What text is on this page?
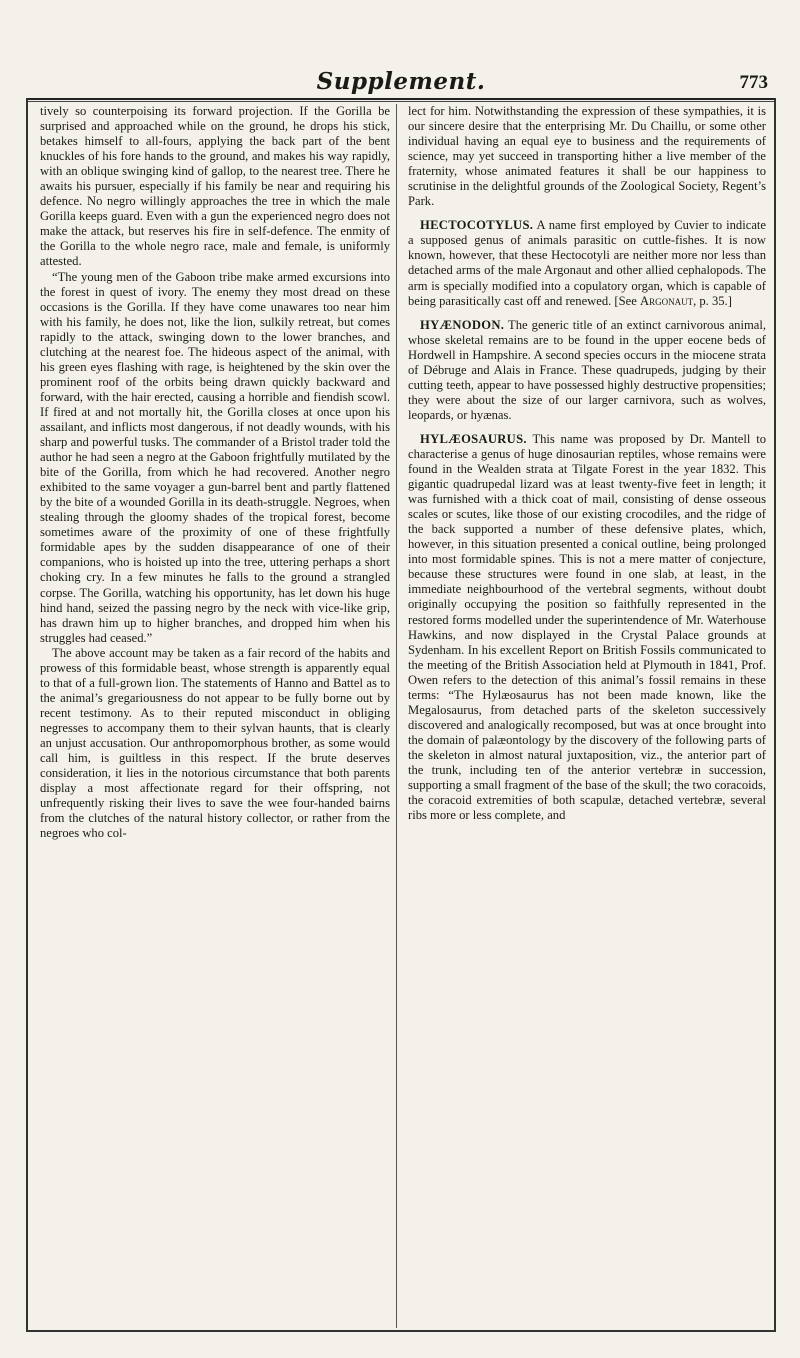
Supplement.	773

tively so counterpoising its forward projection. If the Gorilla be surprised and approached while on the ground, he drops his stick, betakes himself to all-fours, applying the back part of the bent knuckles of his fore hands to the ground, and makes his way rapidly, with an oblique swinging kind of gallop, to the nearest tree. There he awaits his pursuer, especially if his family be near and requiring his defence. No negro willingly approaches the tree in which the male Gorilla keeps guard. Even with a gun the experienced negro does not make the attack, but reserves his fire in self-defence. The enmity of the Gorilla to the whole negro race, male and female, is uniformly attested.

“The young men of the Gaboon tribe make armed excursions into the forest in quest of ivory. The enemy they most dread on these occasions is the Gorilla. If they have come unawares too near him with his family, he does not, like the lion, sulkily retreat, but comes rapidly to the attack, swinging down to the lower branches, and clutching at the nearest foe. The hideous aspect of the animal, with his green eyes flashing with rage, is heightened by the skin over the prominent roof of the orbits being drawn quickly backward and forward, with the hair erected, causing a horrible and fiendish scowl. If fired at and not mortally hit, the Gorilla closes at once upon his assailant, and inflicts most dangerous, if not deadly wounds, with his sharp and powerful tusks. The commander of a Bristol trader told the author he had seen a negro at the Gaboon frightfully mutilated by the bite of the Gorilla, from which he had recovered. Another negro exhibited to the same voyager a gun-barrel bent and partly flattened by the bite of a wounded Gorilla in its death-struggle. Negroes, when stealing through the gloomy shades of the tropical forest, become sometimes aware of the proximity of one of these frightfully formidable apes by the sudden disappearance of one of their companions, who is hoisted up into the tree, uttering perhaps a short choking cry. In a few minutes he falls to the ground a strangled corpse. The Gorilla, watching his opportunity, has let down his huge hind hand, seized the passing negro by the neck with vice-like grip, has drawn him up to higher branches, and dropped him when his struggles had ceased.”

The above account may be taken as a fair record of the habits and prowess of this formidable beast, whose strength is apparently equal to that of a full-grown lion. The statements of Hanno and Battel as to the animal’s gregariousness do not appear to be fully borne out by recent testimony. As to their reputed misconduct in obliging negresses to accompany them to their sylvan haunts, that is clearly an unjust accusation. Our anthropomorphous brother, as some would call him, is guiltless in this respect. If the brute deserves consideration, it lies in the notorious circumstance that both parents display a most affectionate regard for their offspring, not unfrequently risking their lives to save the wee four-handed bairns from the clutches of the natural history collector, or rather from the negroes who col-

lect for him. Notwithstanding the expression of these sympathies, it is our sincere desire that the enterprising Mr. Du Chaillu, or some other individual having an equal eye to business and the requirements of science, may yet succeed in transporting hither a live member of the fraternity, whose animated features it shall be our happiness to scrutinise in the delightful grounds of the Zoological Society, Regent’s Park.

HECTOCOTYLUS. A name first employed by Cuvier to indicate a supposed genus of animals parasitic on cuttle-fishes. It is now known, however, that these Hectocotyli are neither more nor less than detached arms of the male Argonaut and other allied cephalopods. The arm is specially modified into a copulatory organ, which is capable of being parasitically cast off and renewed. [See Argonaut, p. 35.]

HYÆNODON. The generic title of an extinct carnivorous animal, whose skeletal remains are to be found in the upper eocene beds of Hordwell in Hampshire. A second species occurs in the miocene strata of Débruge and Alais in France. These quadrupeds, judging by their cutting teeth, appear to have possessed highly destructive propensities; they were about the size of our larger carnivora, such as wolves, leopards, or hyænas.

HYLÆOSAURUS. This name was proposed by Dr. Mantell to characterise a genus of huge dinosaurian reptiles, whose remains were found in the Wealden strata at Tilgate Forest in the year 1832. This gigantic quadrupedal lizard was at least twenty-five feet in length; it was furnished with a thick coat of mail, consisting of dense osseous scales or scutes, like those of our existing crocodiles, and the ridge of the back supported a number of these defensive plates, which, however, in this situation presented a conical outline, being prolonged into most formidable spines. This is not a mere matter of conjecture, because these structures were found in one slab, at least, in the immediate neighbourhood of the vertebral segments, without doubt originally occupying the position so faithfully represented in the restored forms modelled under the superintendence of Mr. Waterhouse Hawkins, and now displayed in the Crystal Palace grounds at Sydenham. In his excellent Report on British Fossils communicated to the meeting of the British Association held at Plymouth in 1841, Prof. Owen refers to the detection of this animal’s fossil remains in these terms: “The Hylæosaurus has not been made known, like the Megalosaurus, from detached parts of the skeleton successively discovered and analogically recomposed, but was at once brought into the domain of palæontology by the discovery of the following parts of the skeleton in almost natural juxtaposition, viz., the anterior part of the trunk, including ten of the anterior vertebræ in succession, supporting a small fragment of the base of the skull; the two coracoids, the coracoid extremities of both scapulæ, detached vertebræ, several ribs more or less complete, and
